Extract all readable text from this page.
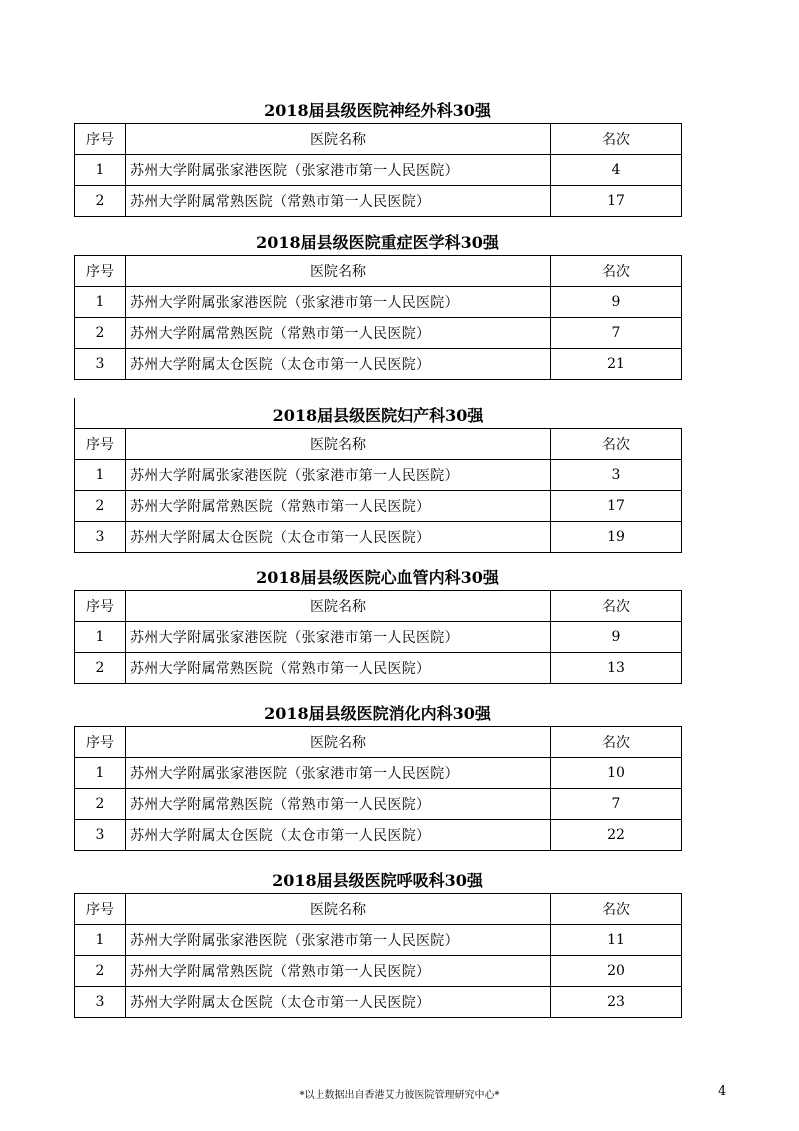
2018届县级医院神经外科30强
序号	医院名称	名次
1	苏州大学附属张家港医院（张家港市第一人民医院）	4
2	苏州大学附属常熟医院（常熟市第一人民医院）	17
2018届县级医院重症医学科30强
序号	医院名称	名次
1	苏州大学附属张家港医院（张家港市第一人民医院）	9
2	苏州大学附属常熟医院（常熟市第一人民医院）	7
3	苏州大学附属太仓医院（太仓市第一人民医院）	21
2018届县级医院妇产科30强
序号	医院名称	名次
1	苏州大学附属张家港医院（张家港市第一人民医院）	3
2	苏州大学附属常熟医院（常熟市第一人民医院）	17
3	苏州大学附属太仓医院（太仓市第一人民医院）	19
2018届县级医院心血管内科30强
序号	医院名称	名次
1	苏州大学附属张家港医院（张家港市第一人民医院）	9
2	苏州大学附属常熟医院（常熟市第一人民医院）	13
2018届县级医院消化内科30强
序号	医院名称	名次
1	苏州大学附属张家港医院（张家港市第一人民医院）	10
2	苏州大学附属常熟医院（常熟市第一人民医院）	7
3	苏州大学附属太仓医院（太仓市第一人民医院）	22
2018届县级医院呼吸科30强
序号	医院名称	名次
1	苏州大学附属张家港医院（张家港市第一人民医院）	11
2	苏州大学附属常熟医院（常熟市第一人民医院）	20
3	苏州大学附属太仓医院（太仓市第一人民医院）	23
*以上数据出自香港艾力彼医院管理研究中心*	4
